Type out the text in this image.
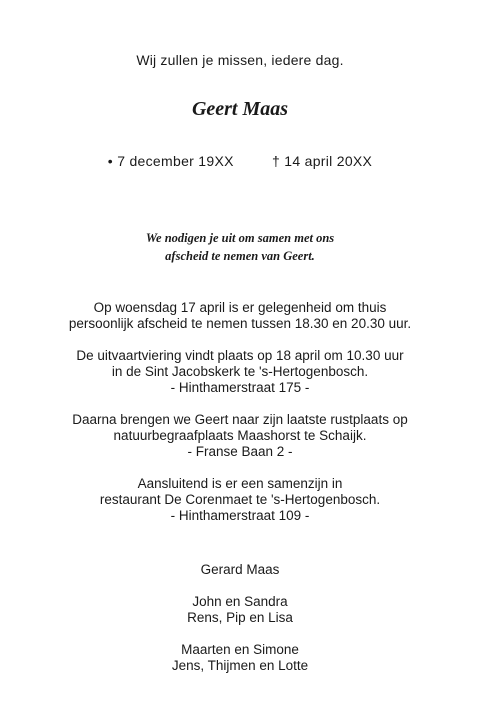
Wij zullen je missen, iedere dag.
Geert Maas
• 7 december 19XX	† 14 april 20XX
We nodigen je uit om samen met ons
afscheid te nemen van Geert.
Op woensdag 17 april is er gelegenheid om thuis
persoonlijk afscheid te nemen tussen 18.30 en 20.30 uur.
De uitvaartviering vindt plaats op 18 april om 10.30 uur
in de Sint Jacobskerk te 's-Hertogenbosch.
- Hinthamerstraat 175 -
Daarna brengen we Geert naar zijn laatste rustplaats op
natuurbegraafplaats Maashorst te Schaijk.
- Franse Baan 2 -
Aansluitend is er een samenzijn in
restaurant De Corenmaet te 's-Hertogenbosch.
- Hinthamerstraat 109 -
Gerard Maas
John en Sandra
Rens, Pip en Lisa
Maarten en Simone
Jens, Thijmen en Lotte
